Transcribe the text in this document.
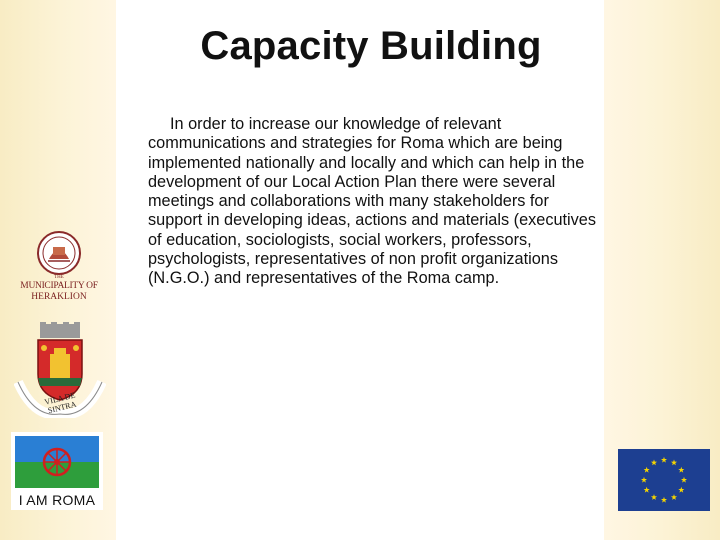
Capacity Building

In order to increase our knowledge of relevant communications and strategies for Roma which are being implemented nationally and locally and which can help in the development of our Local Action Plan there were several meetings and collaborations with many stakeholders for support in developing ideas, actions and materials (executives of education, sociologists, social workers, professors, psychologists, representatives of non profit organizations (N.G.O.) and representatives of the Roma camp.

THE
MUNICIPALITY OF
HERAKLION
VILA DE SINTRA
I AM ROMA
